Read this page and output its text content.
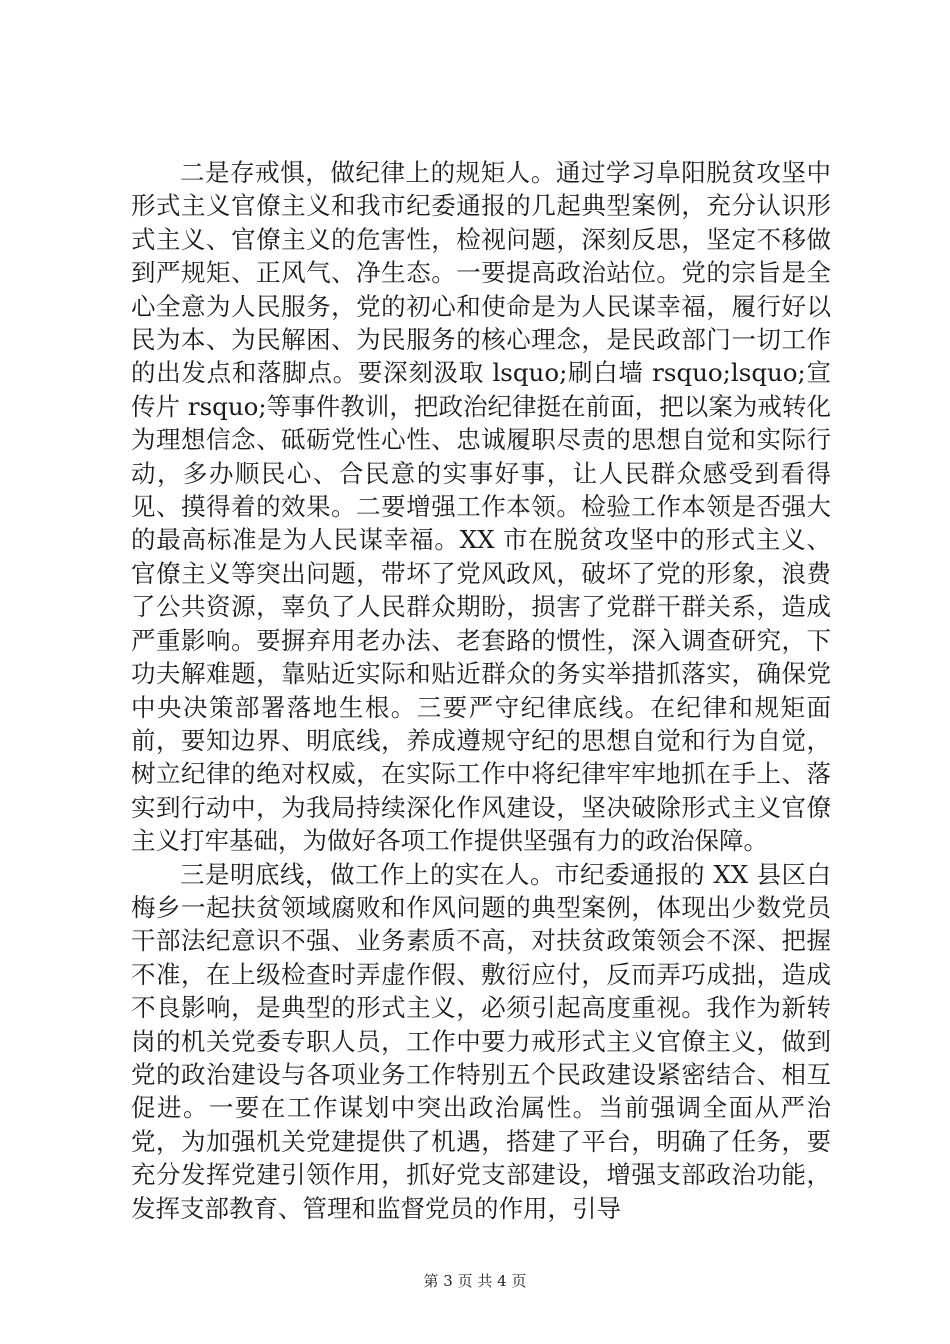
二是存戒惧，做纪律上的规矩人。通过学习阜阳脱贫攻坚中形式主义官僚主义和我市纪委通报的几起典型案例，充分认识形式主义、官僚主义的危害性，检视问题，深刻反思，坚定不移做到严规矩、正风气、净生态。一要提高政治站位。党的宗旨是全心全意为人民服务，党的初心和使命是为人民谋幸福，履行好以民为本、为民解困、为民服务的核心理念，是民政部门一切工作的出发点和落脚点。要深刻汲取 lsquo;刷白墙 rsquo;lsquo;宣传片 rsquo;等事件教训，把政治纪律挺在前面，把以案为戒转化为理想信念、砥砺党性心性、忠诚履职尽责的思想自觉和实际行动，多办顺民心、合民意的实事好事，让人民群众感受到看得见、摸得着的效果。二要增强工作本领。检验工作本领是否强大的最高标准是为人民谋幸福。XX 市在脱贫攻坚中的形式主义、官僚主义等突出问题，带坏了党风政风，破坏了党的形象，浪费了公共资源，辜负了人民群众期盼，损害了党群干群关系，造成严重影响。要摒弃用老办法、老套路的惯性，深入调查研究，下功夫解难题，靠贴近实际和贴近群众的务实举措抓落实，确保党中央决策部署落地生根。三要严守纪律底线。在纪律和规矩面前，要知边界、明底线，养成遵规守纪的思想自觉和行为自觉，树立纪律的绝对权威，在实际工作中将纪律牢牢地抓在手上、落实到行动中，为我局持续深化作风建设，坚决破除形式主义官僚主义打牢基础，为做好各项工作提供坚强有力的政治保障。

三是明底线，做工作上的实在人。市纪委通报的 XX 县区白梅乡一起扶贫领域腐败和作风问题的典型案例，体现出少数党员干部法纪意识不强、业务素质不高，对扶贫政策领会不深、把握不准，在上级检查时弄虚作假、敷衍应付，反而弄巧成拙，造成不良影响，是典型的形式主义，必须引起高度重视。我作为新转岗的机关党委专职人员，工作中要力戒形式主义官僚主义，做到党的政治建设与各项业务工作特别五个民政建设紧密结合、相互促进。一要在工作谋划中突出政治属性。当前强调全面从严治党，为加强机关党建提供了机遇，搭建了平台，明确了任务，要充分发挥党建引领作用，抓好党支部建设，增强支部政治功能，发挥支部教育、管理和监督党员的作用，引导

第 3 页 共 4 页
